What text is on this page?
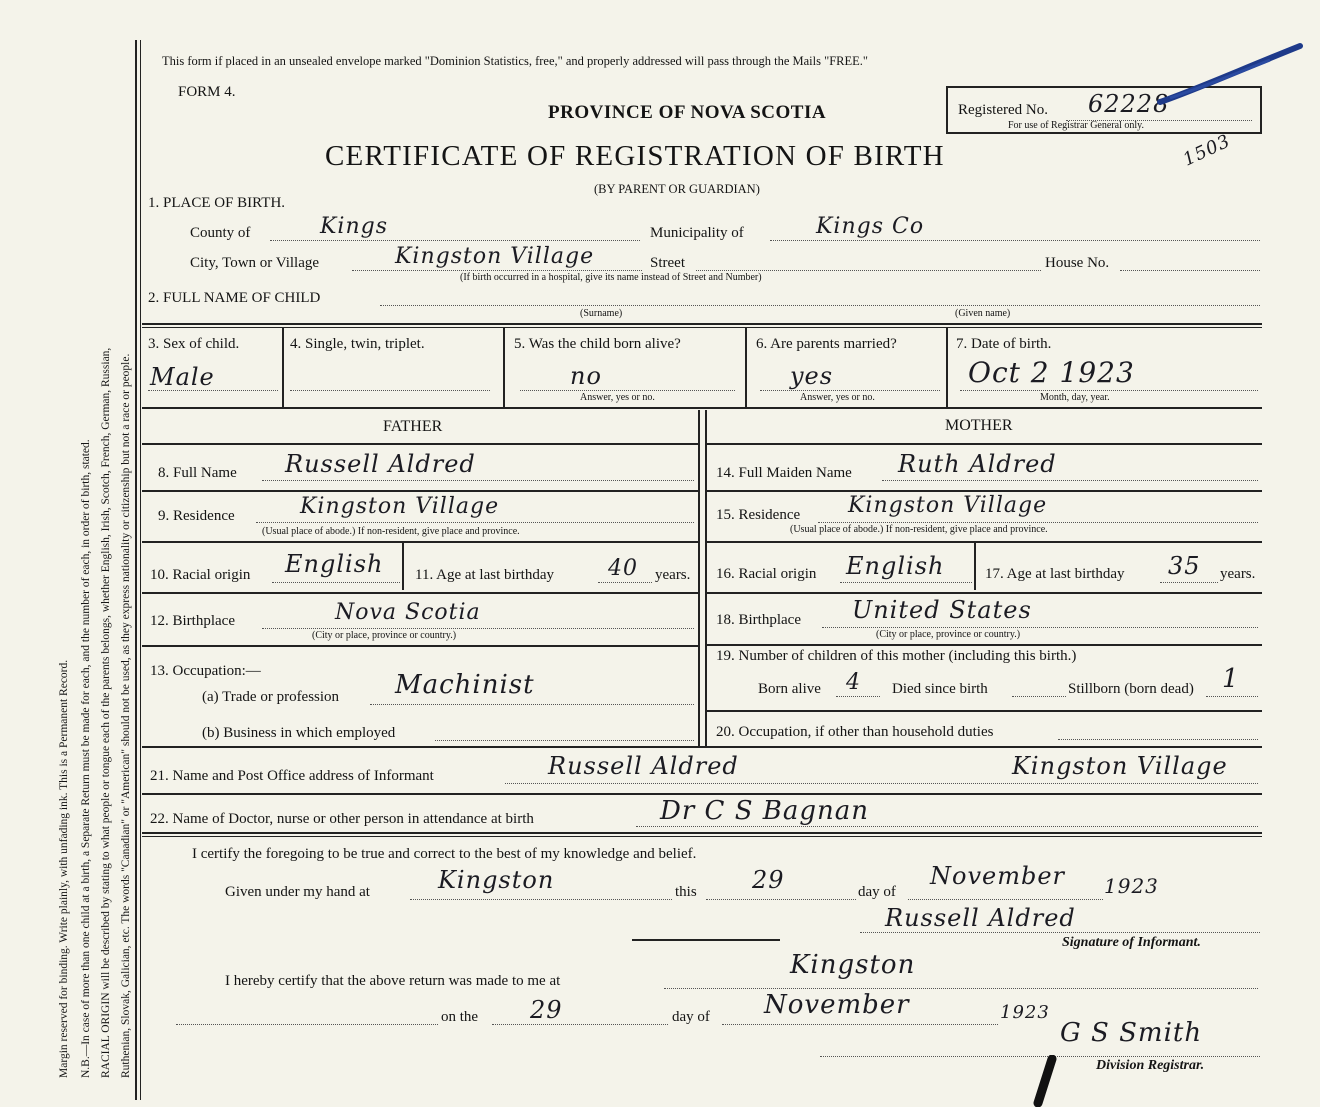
Margin reserved for binding. Write plainly, with unfading ink. This is a Permanent Record. N.B.—In case of more than one child at a birth, a Separate Return must be made for each, and the number of each, in order of birth, stated. RACIAL ORIGIN will be described by stating to what people or tongue each of the parents belongs, whether English, Irish, Scotch, French, German, Russian, Ruthenian, Slovak, Galician, etc. The words "Canadian" or "American" should not be used, as they express nationality or citizenship but not a race or people.
This form if placed in an unsealed envelope marked "Dominion Statistics, free," and properly addressed will pass through the Mails "FREE."
FORM 4.
PROVINCE OF NOVA SCOTIA	Registered No. 62228
For use of Registrar General only.
1503
CERTIFICATE OF REGISTRATION OF BIRTH
(BY PARENT OR GUARDIAN)
1. PLACE OF BIRTH.
County of	Kings	Municipality of	Kings Co
City, Town or Village	Kingston Village	Street
(If birth occurred in a hospital, give its name instead of Street and Number)
House No.
2. FULL NAME OF CHILD
(Surname)	(Given name)
3. Sex of child.
Male
4. Single, twin, triplet.	5. Was the child born alive?
no
Answer, yes or no.
6. Are parents married?
yes
Answer, yes or no.
7. Date of birth.
Oct 2 1923
Month, day, year.
FATHER	MOTHER
8. Full Name Russell Aldred
9. Residence	Kingston Village
(Usual place of abode.) If non-resident, give place and province.
10. Racial origin English 11. Age at last birthday 40 years.
12. Birthplace	Nova Scotia
(City or place, province or country.)
13. Occupation:—
(a) Trade or profession Machinist
(b) Business in which employed
14. Full Maiden Name Ruth Aldred
15. Residence Kingston Village
(Usual place of abode.) If non-resident, give place and province.
16. Racial origin English	17. Age at last birthday 35 years.
18. Birthplace United States
(City or place, province or country.)
19. Number of children of this mother (including this birth.)
Born alive 4 Died since birth	Stillborn (born dead) 1
20. Occupation, if other than household duties
21. Name and Post Office address of Informant	Russell Aldred	Kingston Village
22. Name of Doctor, nurse or other person in attendance at birth	Dr C S Bagnan
I certify the foregoing to be true and correct to the best of my knowledge and belief.
Given under my hand at	Kingston	this 29	day of
November 1923
Russell Aldred
Signature of Informant.
I hereby certify that the above return was made to me at
Kingston
on the 29	day of November	1923
G S Smith
Division Registrar.
